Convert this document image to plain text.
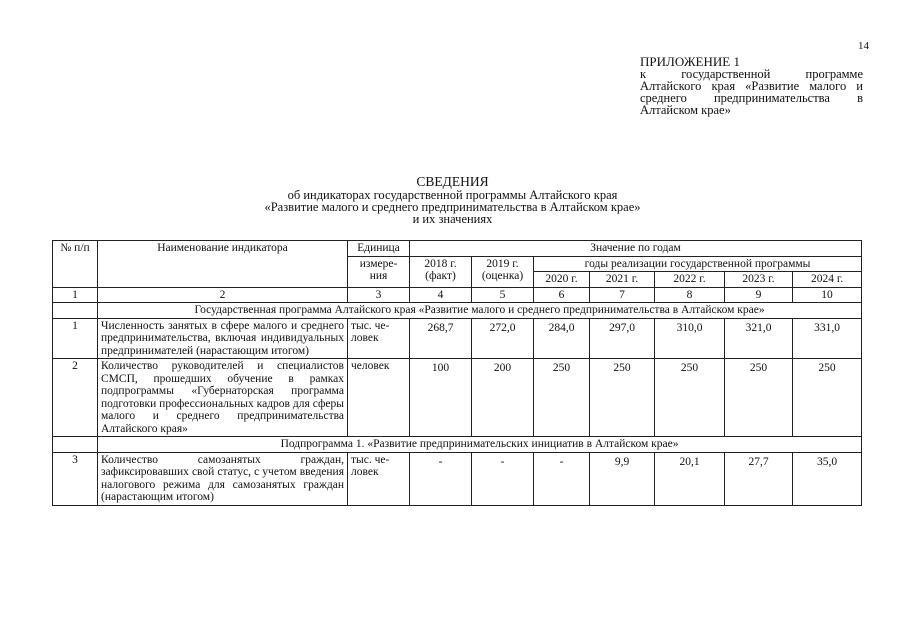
14
ПРИЛОЖЕНИЕ 1
к государственной программе Алтайского края «Развитие малого и среднего предпринимательства в Алтайском крае»
СВЕДЕНИЯ
об индикаторах государственной программы Алтайского края
«Развитие малого и среднего предпринимательства в Алтайском крае»
и их значениях
№ п/п	Наименование индикатора	Единица	Значение по годам						
		измере-ния	2018 г. (факт)	2019 г. (оценка)	годы реализации государственной программы				
					2020 г.	2021 г.	2022 г.	2023 г.	2024 г.
1	2	3	4	5	6	7	8	9	10
	Государственная программа Алтайского края «Развитие малого и среднего предпринимательства в Алтайском крае»								
1	Численность занятых в сфере малого и среднего предпринимательства, включая индивидуальных предпринимателей (нарастающим итогом)	тыс. че-ловек	268,7	272,0	284,0	297,0	310,0	321,0	331,0
2	Количество руководителей и специалистов СМСП, прошедших обучение в рамках подпрограммы «Губернаторская программа подготовки профессиональных кадров для сферы малого и среднего предпринимательства Алтайского края»	человек	100	200	250	250	250	250	250
	Подпрограмма 1. «Развитие предпринимательских инициатив в Алтайском крае»								
3	Количество самозанятых граждан, зафиксировавших свой статус, с учетом введения налогового режима для самозанятых граждан (нарастающим итогом)	тыс. че-ловек	-	-	-	9,9	20,1	27,7	35,0
